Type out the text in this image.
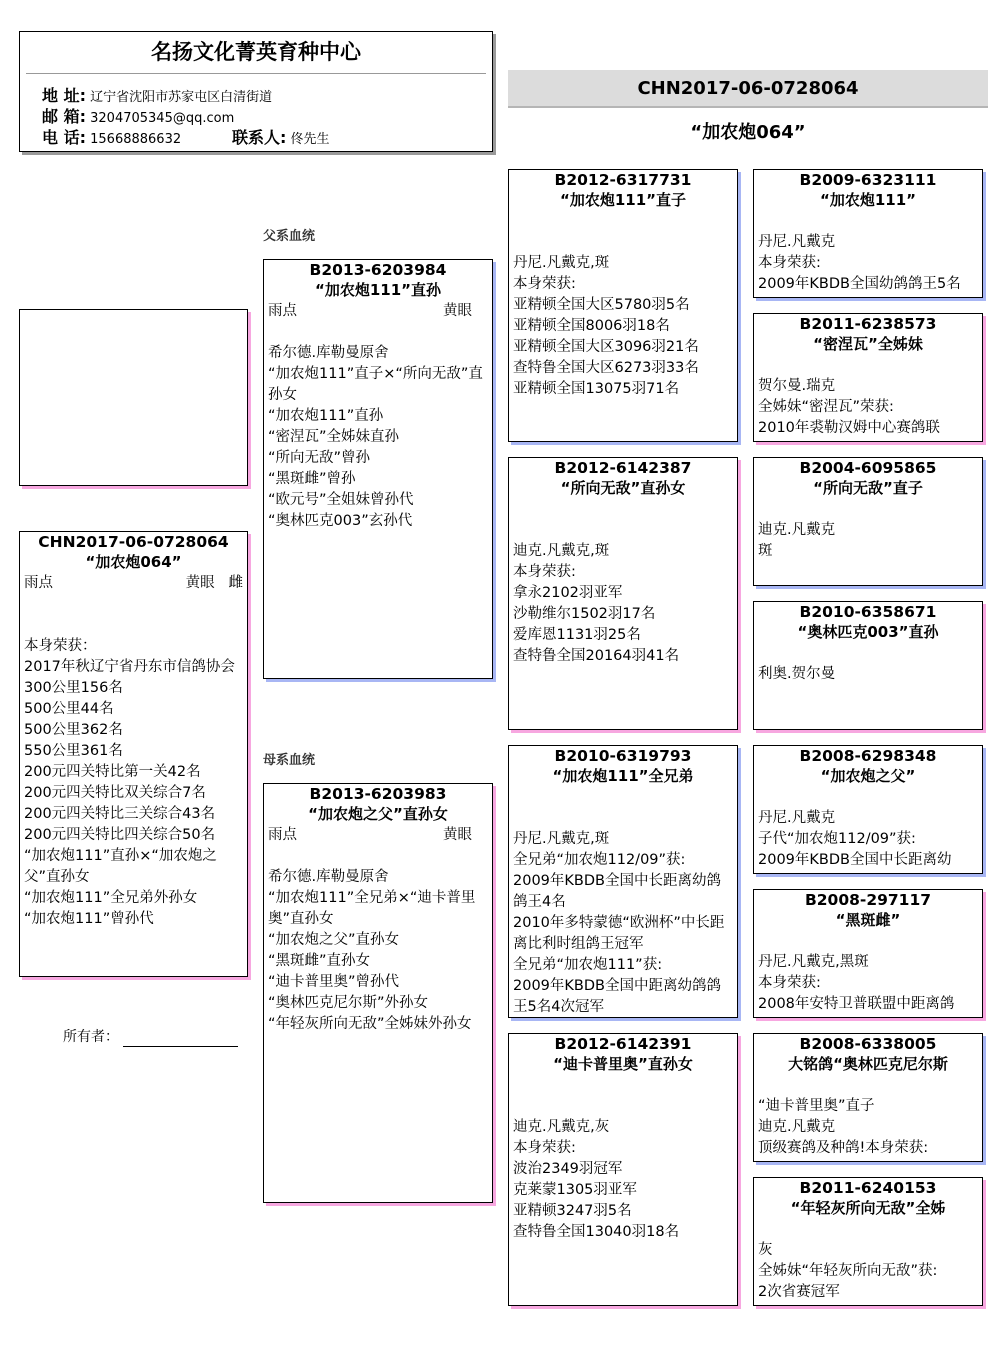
名扬文化菁英育种中心
地 址: 辽宁省沈阳市苏家屯区白清街道
邮 箱: 3204705345@qq.com
电 话: 15668886632	联系人: 佟先生
CHN2017-06-0728064
“加农炮064”
CHN2017-06-0728064
“加农炮064”
雨点	黄眼 雌
本身荣获：
2017年秋辽宁省丹东市信鸽协会
300公里156名
500公里44名
500公里362名
550公里361名
200元四关特比第一关42名
200元四关特比双关综合7名
200元四关特比三关综合43名
200元四关特比四关综合50名
“加农炮111”直孙×“加农炮之父”直孙女
“加农炮111”全兄弟外孙女
“加农炮111”曾孙代
所有者：
父系血统
母系血统
B2013-6203984
“加农炮111”直孙
雨点	黄眼
希尔德.库勒曼原舍
“加农炮111”直子×“所向无敌”直孙女
“加农炮111”直孙
“密涅瓦”全姊妹直孙
“所向无敌”曾孙
“黑斑雌”曾孙
“欧元号”全姐妹曾孙代
“奥林匹克003”玄孙代
B2013-6203983
“加农炮之父”直孙女
雨点	黄眼
希尔德.库勒曼原舍
“加农炮111”全兄弟×“迪卡普里奥”直孙女
“加农炮之父”直孙女
“黑斑雌”直孙女
“迪卡普里奥”曾孙代
“奥林匹克尼尔斯”外孙女
“年轻灰所向无敌”全姊妹外孙女
B2012-6317731
“加农炮111”直子
丹尼.凡戴克,斑
本身荣获:
亚精顿全国大区5780羽5名
亚精顿全国8006羽18名
亚精顿全国大区3096羽21名
查特鲁全国大区6273羽33名
亚精顿全国13075羽71名
B2012-6142387
“所向无敌”直孙女
迪克.凡戴克,斑
本身荣获:
拿永2102羽亚军
沙勒维尔1502羽17名
爱库恩1131羽25名
查特鲁全国20164羽41名
B2010-6319793
“加农炮111”全兄弟
丹尼.凡戴克,斑
全兄弟“加农炮112/09”获:
2009年KBDB全国中长距离幼鸽鸽王4名
2010年多特蒙德“欧洲杯”中长距离比利时组鸽王冠军
全兄弟“加农炮111”获:
2009年KBDB全国中距离幼鸽鸽王5名4次冠军
B2012-6142391
“迪卡普里奥”直孙女
迪克.凡戴克,灰
本身荣获:
波治2349羽冠军
克莱蒙1305羽亚军
亚精顿3247羽5名
查特鲁全国13040羽18名
B2009-6323111
“加农炮111”
丹尼.凡戴克
本身荣获:
2009年KBDB全国幼鸽鸽王5名
B2011-6238573
“密涅瓦”全姊妹
贺尔曼.瑞克
全姊妹“密涅瓦”荣获:
2010年裘勒汉姆中心赛鸽联
B2004-6095865
“所向无敌”直子
迪克.凡戴克
斑
B2010-6358671
“奥林匹克003”直孙
利奥.贺尔曼
B2008-6298348
“加农炮之父”
丹尼.凡戴克
子代“加农炮112/09”获:
2009年KBDB全国中长距离幼
B2008-297117
“黑斑雌”
丹尼.凡戴克,黑斑
本身荣获:
2008年安特卫普联盟中距离鸽
B2008-6338005
大铭鸽“奥林匹克尼尔斯
“迪卡普里奥”直子
迪克.凡戴克
顶级赛鸽及种鸽!本身荣获:
B2011-6240153
“年轻灰所向无敌”全姊
灰
全姊妹“年轻灰所向无敌”获:
2次省赛冠军
